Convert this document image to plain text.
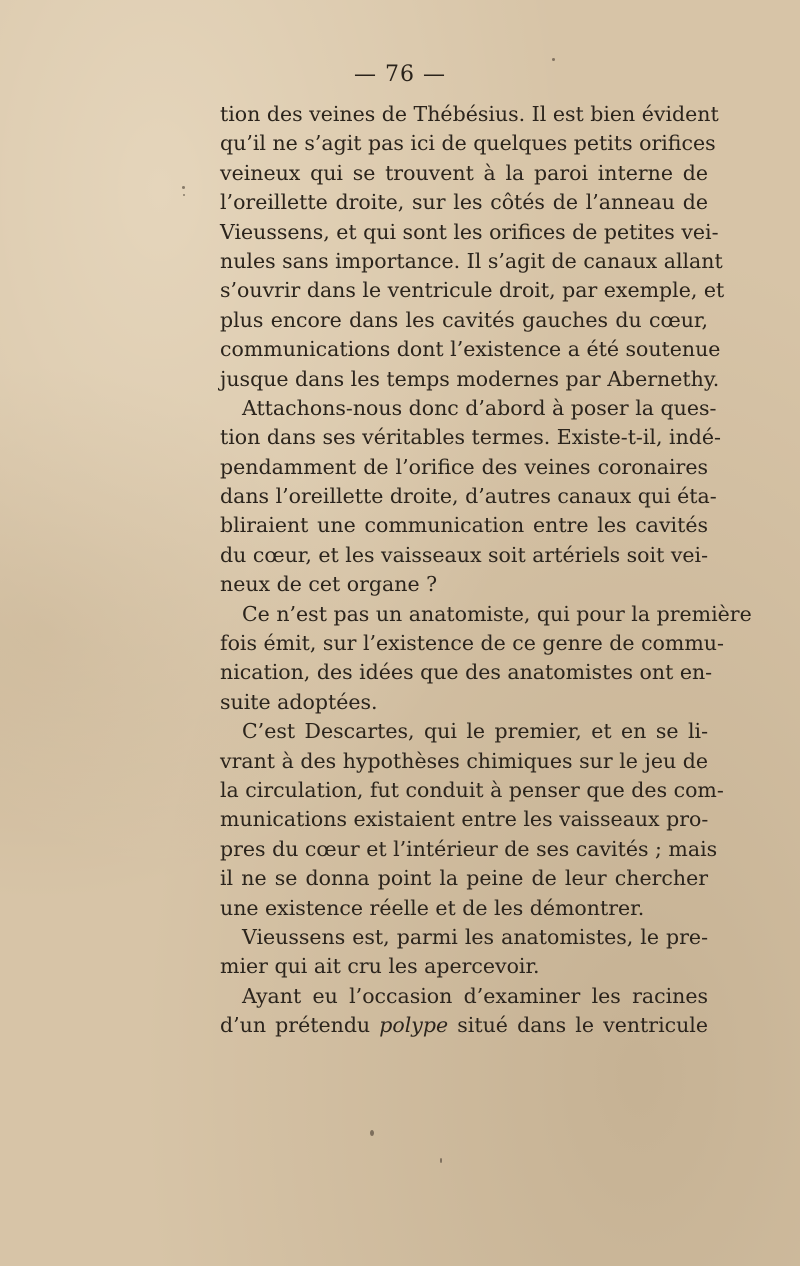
— 76 —
tion des veines de Thébésius. Il est bien évident
qu’il ne s’agit pas ici de quelques petits orifices
veineux qui se trouvent à la paroi interne de
l’oreillette droite, sur les côtés de l’anneau de
Vieussens, et qui sont les orifices de petites vei-
nules sans importance. Il s’agit de canaux allant
s’ouvrir dans le ventricule droit, par exemple, et
plus encore dans les cavités gauches du cœur,
communications dont l’existence a été soutenue
jusque dans les temps modernes par Abernethy.
Attachons-nous donc d’abord à poser la ques-
tion dans ses véritables termes. Existe-t-il, indé-
pendamment de l’orifice des veines coronaires
dans l’oreillette droite, d’autres canaux qui éta-
bliraient une communication entre les cavités
du cœur, et les vaisseaux soit artériels soit vei-
neux de cet organe ?
Ce n’est pas un anatomiste, qui pour la première
fois émit, sur l’existence de ce genre de commu-
nication, des idées que des anatomistes ont en-
suite adoptées.
C’est Descartes, qui le premier, et en se li-
vrant à des hypothèses chimiques sur le jeu de
la circulation, fut conduit à penser que des com-
munications existaient entre les vaisseaux pro-
pres du cœur et l’intérieur de ses cavités ; mais
il ne se donna point la peine de leur chercher
une existence réelle et de les démontrer.
Vieussens est, parmi les anatomistes, le pre-
mier qui ait cru les apercevoir.
Ayant eu l’occasion d’examiner les racines
d’un prétendu polype situé dans le ventricule
